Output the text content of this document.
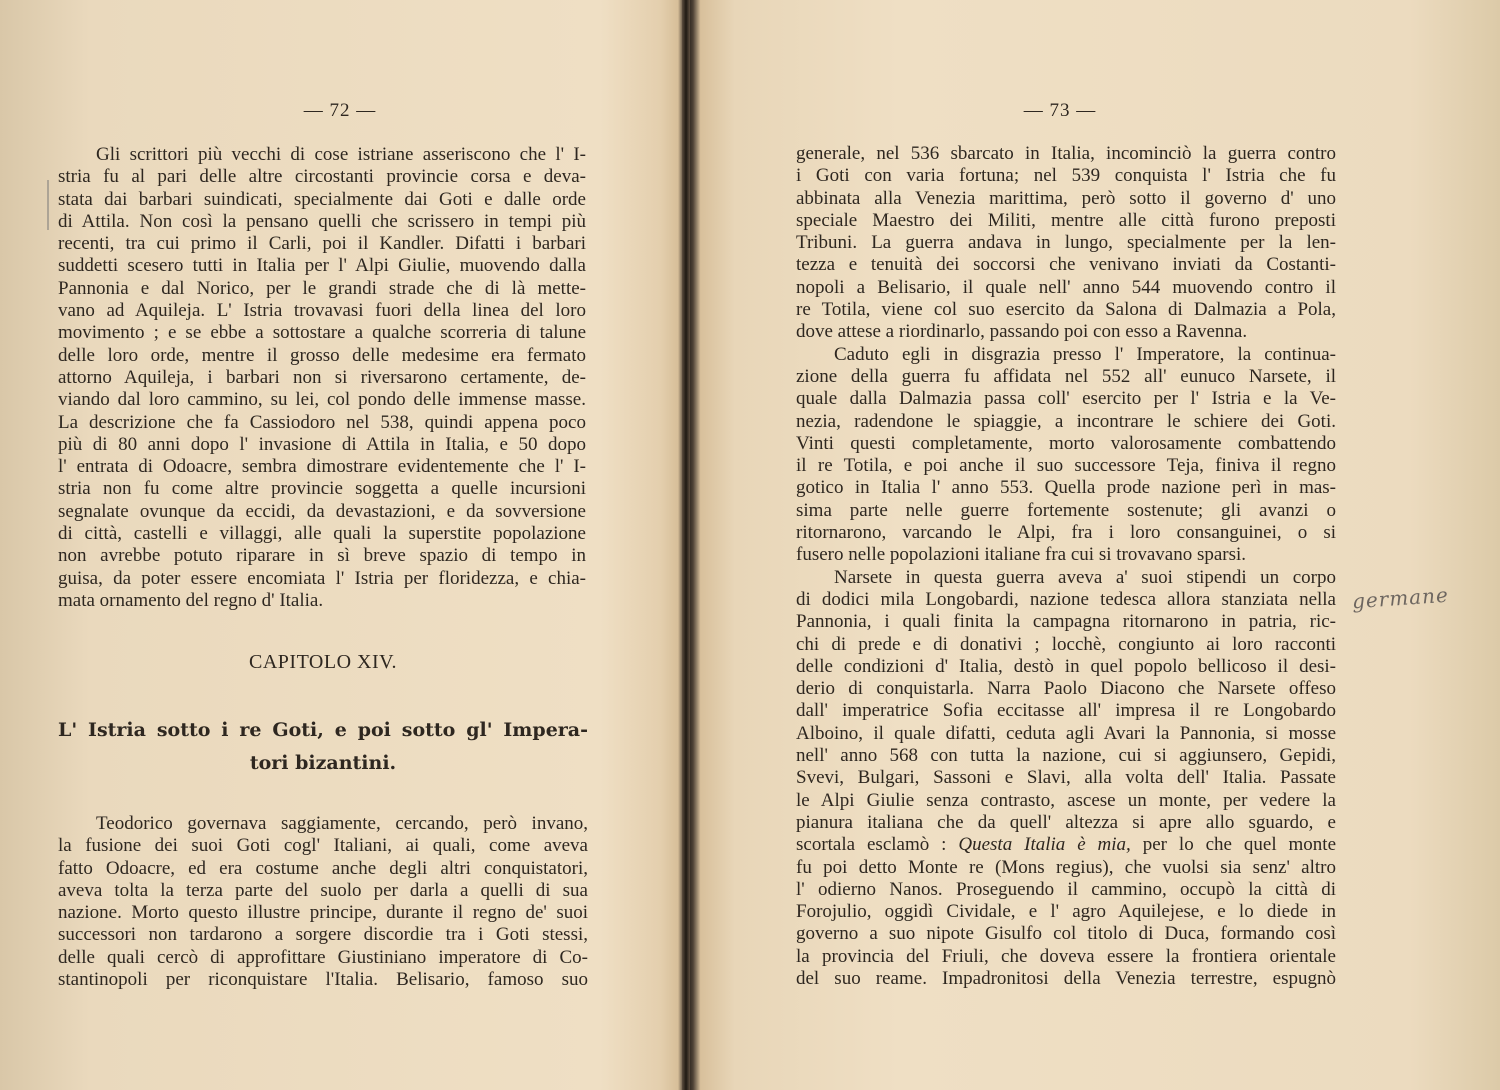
— 72 —
Gli scrittori più vecchi di cose istriane asseriscono che l' I-
stria fu al pari delle altre circostanti provincie corsa e deva-
stata dai barbari suindicati, specialmente dai Goti e dalle orde
di Attila. Non così la pensano quelli che scrissero in tempi più
recenti, tra cui primo il Carli, poi il Kandler. Difatti i barbari
suddetti scesero tutti in Italia per l' Alpi Giulie, muovendo dalla
Pannonia e dal Norico, per le grandi strade che di là mette-
vano ad Aquileja. L' Istria trovavasi fuori della linea del loro
movimento ; e se ebbe a sottostare a qualche scorreria di talune
delle loro orde, mentre il grosso delle medesime era fermato
attorno Aquileja, i barbari non si riversarono certamente, de-
viando dal loro cammino, su lei, col pondo delle immense masse.
La descrizione che fa Cassiodoro nel 538, quindi appena poco
più di 80 anni dopo l' invasione di Attila in Italia, e 50 dopo
l' entrata di Odoacre, sembra dimostrare evidentemente che l' I-
stria non fu come altre provincie soggetta a quelle incursioni
segnalate ovunque da eccidi, da devastazioni, e da sovversione
di città, castelli e villaggi, alle quali la superstite popolazione
non avrebbe potuto riparare in sì breve spazio di tempo in
guisa, da poter essere encomiata l' Istria per floridezza, e chia-
mata ornamento del regno d' Italia.
CAPITOLO XIV.
L' Istria sotto i re Goti, e poi sotto gl' Impera-
tori bizantini.
Teodorico governava saggiamente, cercando, però invano,
la fusione dei suoi Goti cogl' Italiani, ai quali, come aveva
fatto Odoacre, ed era costume anche degli altri conquistatori,
aveva tolta la terza parte del suolo per darla a quelli di sua
nazione. Morto questo illustre principe, durante il regno de' suoi
successori non tardarono a sorgere discordie tra i Goti stessi,
delle quali cercò di approfittare Giustiniano imperatore di Co-
stantinopoli per riconquistare l'Italia. Belisario, famoso suo
— 73 —
generale, nel 536 sbarcato in Italia, incominciò la guerra contro
i Goti con varia fortuna; nel 539 conquista l' Istria che fu
abbinata alla Venezia marittima, però sotto il governo d' uno
speciale Maestro dei Militi, mentre alle città furono preposti
Tribuni. La guerra andava in lungo, specialmente per la len-
tezza e tenuità dei soccorsi che venivano inviati da Costanti-
nopoli a Belisario, il quale nell' anno 544 muovendo contro il
re Totila, viene col suo esercito da Salona di Dalmazia a Pola,
dove attese a riordinarlo, passando poi con esso a Ravenna.
Caduto egli in disgrazia presso l' Imperatore, la continua-
zione della guerra fu affidata nel 552 all' eunuco Narsete, il
quale dalla Dalmazia passa coll' esercito per l' Istria e la Ve-
nezia, radendone le spiaggie, a incontrare le schiere dei Goti.
Vinti questi completamente, morto valorosamente combattendo
il re Totila, e poi anche il suo successore Teja, finiva il regno
gotico in Italia l' anno 553. Quella prode nazione perì in mas-
sima parte nelle guerre fortemente sostenute; gli avanzi o
ritornarono, varcando le Alpi, fra i loro consanguinei, o si
fusero nelle popolazioni italiane fra cui si trovavano sparsi.
Narsete in questa guerra aveva a' suoi stipendi un corpo
di dodici mila Longobardi, nazione tedesca allora stanziata nella
Pannonia, i quali finita la campagna ritornarono in patria, ric-
chi di prede e di donativi ; locchè, congiunto ai loro racconti
delle condizioni d' Italia, destò in quel popolo bellicoso il desi-
derio di conquistarla. Narra Paolo Diacono che Narsete offeso
dall' imperatrice Sofia eccitasse all' impresa il re Longobardo
Alboino, il quale difatti, ceduta agli Avari la Pannonia, si mosse
nell' anno 568 con tutta la nazione, cui si aggiunsero, Gepidi,
Svevi, Bulgari, Sassoni e Slavi, alla volta dell' Italia. Passate
le Alpi Giulie senza contrasto, ascese un monte, per vedere la
pianura italiana che da quell' altezza si apre allo sguardo, e
scortala esclamò : Questa Italia è mia, per lo che quel monte
fu poi detto Monte re (Mons regius), che vuolsi sia senz' altro
l' odierno Nanos. Proseguendo il cammino, occupò la città di
Forojulio, oggidì Cividale, e l' agro Aquilejese, e lo diede in
governo a suo nipote Gisulfo col titolo di Duca, formando così
la provincia del Friuli, che doveva essere la frontiera orientale
del suo reame. Impadronitosi della Venezia terrestre, espugnò
germane
